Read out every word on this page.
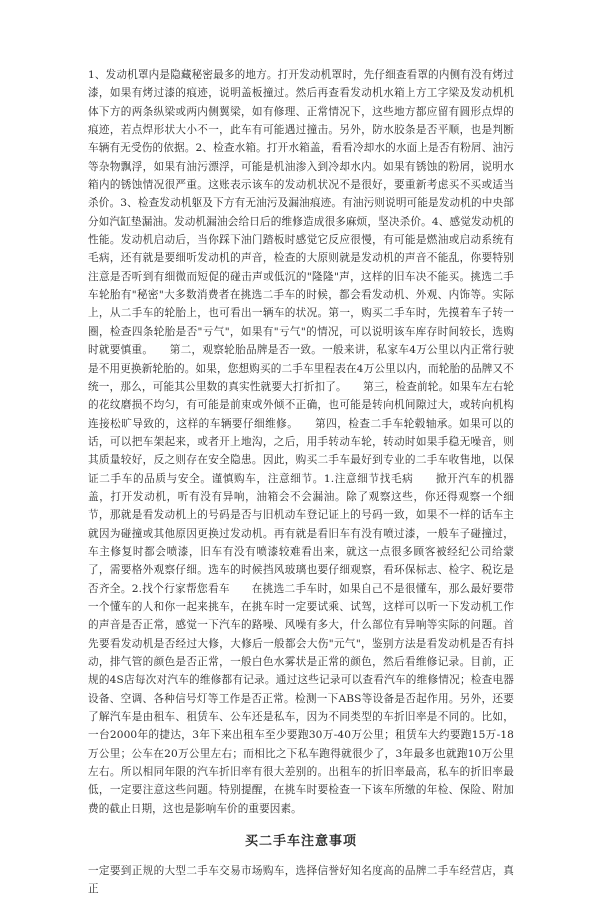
1、发动机罩内是隐藏秘密最多的地方。打开发动机罩时，先仔细查看罩的内侧有没有烤过漆，如果有烤过漆的痕迹，说明盖板撞过。然后再查看发动机水箱上方工字梁及发动机机体下方的两条纵梁或两内侧翼梁，如有修理、正常情况下，这些地方都应留有圆形点焊的痕迹，若点焊形状大小不一，此车有可能遇过撞击。另外，防水胶条是否平顺，也是判断车辆有无受伤的依据。2、检查水箱。打开水箱盖，看看冷却水的水面上是否有粉屑、油污等杂物飘浮，如果有油污漂浮，可能是机油渗入到冷却水内。如果有锈蚀的粉屑，说明水箱内的锈蚀情况很严重。这账表示该车的发动机状况不是很好，要重新考虑买不买或适当杀价。3、检查发动机躯及下方有无油污及漏油痕迹。有油污则说明可能是发动机的中央部分如汽缸垫漏油。发动机漏油会给日后的维修造成很多麻烦，坚决杀价。4、感觉发动机的性能。发动机启动后，当你踩下油门踏板时感觉它反应很慢，有可能是燃油或启动系统有毛病，还有就是要细听发动机的声音，检查的大原则就是发动机的声音不能乱，你要特别注意是否听到有细微而短促的碰击声或低沉的"隆隆"声，这样的旧车决不能买。挑选二手车轮胎有"秘密"大多数消费者在挑选二手车的时候，都会看发动机、外观、内饰等。实际上，从二手车的轮胎上，也可看出一辆车的状况。第一，购买二手车时，先摸着车子转一圈，检查四条轮胎是否"亏气"，如果有"亏气"的情况，可以说明该车库存时间较长，选购时就要慎重。　　第二，观察轮胎品牌是否一致。一般来讲，私家车4万公里以内正常行驶是不用更换新轮胎的。如果，您想购买的二手车里程表在4万公里以内，而轮胎的品牌又不统一，那么，可能其公里数的真实性就要大打折扣了。　　第三，检查前轮。如果车左右轮的花纹磨损不均匀，有可能是前束或外倾不正确，也可能是转向机间隙过大，或转向机构连接松旷导致的，这样的车辆要仔细维修。　　第四，检查二手车轮毂轴承。如果可以的话，可以把车架起来，或者开上地沟，之后，用手转动车轮，转动时如果手稳无噪音，则其质量较好，反之则存在安全隐患。因此，购买二手车最好到专业的二手车收售地，以保证二手车的品质与安全。谨慎购车，注意细节。1.注意细节找毛病　　掀开汽车的机器盖，打开发动机，听有没有异响，油箱会不会漏油。除了观察这些，你还得观察一个细节，那就是看发动机上的号码是否与旧机动车登记证上的号码一致，如果不一样的话车主就因为碰撞或其他原因更换过发动机。再有就是看旧车有没有喷过漆，一般车子碰撞过，车主修复时都会喷漆，旧车有没有喷漆较难看出来，就这一点很多顾客被经纪公司给蒙了，需要格外观察仔细。选车的时候挡风玻璃也要仔细观察，看环保标志、检字、税讫是否齐全。2.找个行家帮您看车　　在挑选二手车时，如果自己不是很懂车，那么最好要带一个懂车的人和你一起来挑车，在挑车时一定要试乘、试驾，这样可以听一下发动机工作的声音是否正常，感觉一下汽车的路噪、风噪有多大，什么部位有异响等实际的问题。首先要看发动机是否经过大修，大修后一般都会大伤"元气"，鉴别方法是看发动机是否有抖动，排气管的颜色是否正常，一般白色水雾状是正常的颜色，然后看维修记录。目前，正规的4S店每次对汽车的维修都有记录。通过这些记录可以查看汽车的维修情况；检查电器设备、空调、各种信号灯等工作是否正常。检测一下ABS等设备是否起作用。另外，还要了解汽车是由租车、租赁车、公车还是私车，因为不同类型的车折旧率是不同的。比如，一台2000年的捷达，3年下来出租车至少要跑30万-40万公里；租赁车大约要跑15万-18万公里；公车在20万公里左右；而相比之下私车跑得就很少了，3年最多也就跑10万公里左右。所以相同年限的汽车折旧率有很大差别的。出租车的折旧率最高，私车的折旧率最低，一定要注意这些问题。特别提醒，在挑车时要检查一下该车所缴的年检、保险、附加费的截止日期，这也是影响车价的重要因素。

买二手车注意事项

一定要到正规的大型二手车交易市场购车，选择信誉好知名度高的品牌二手车经营店，真正
